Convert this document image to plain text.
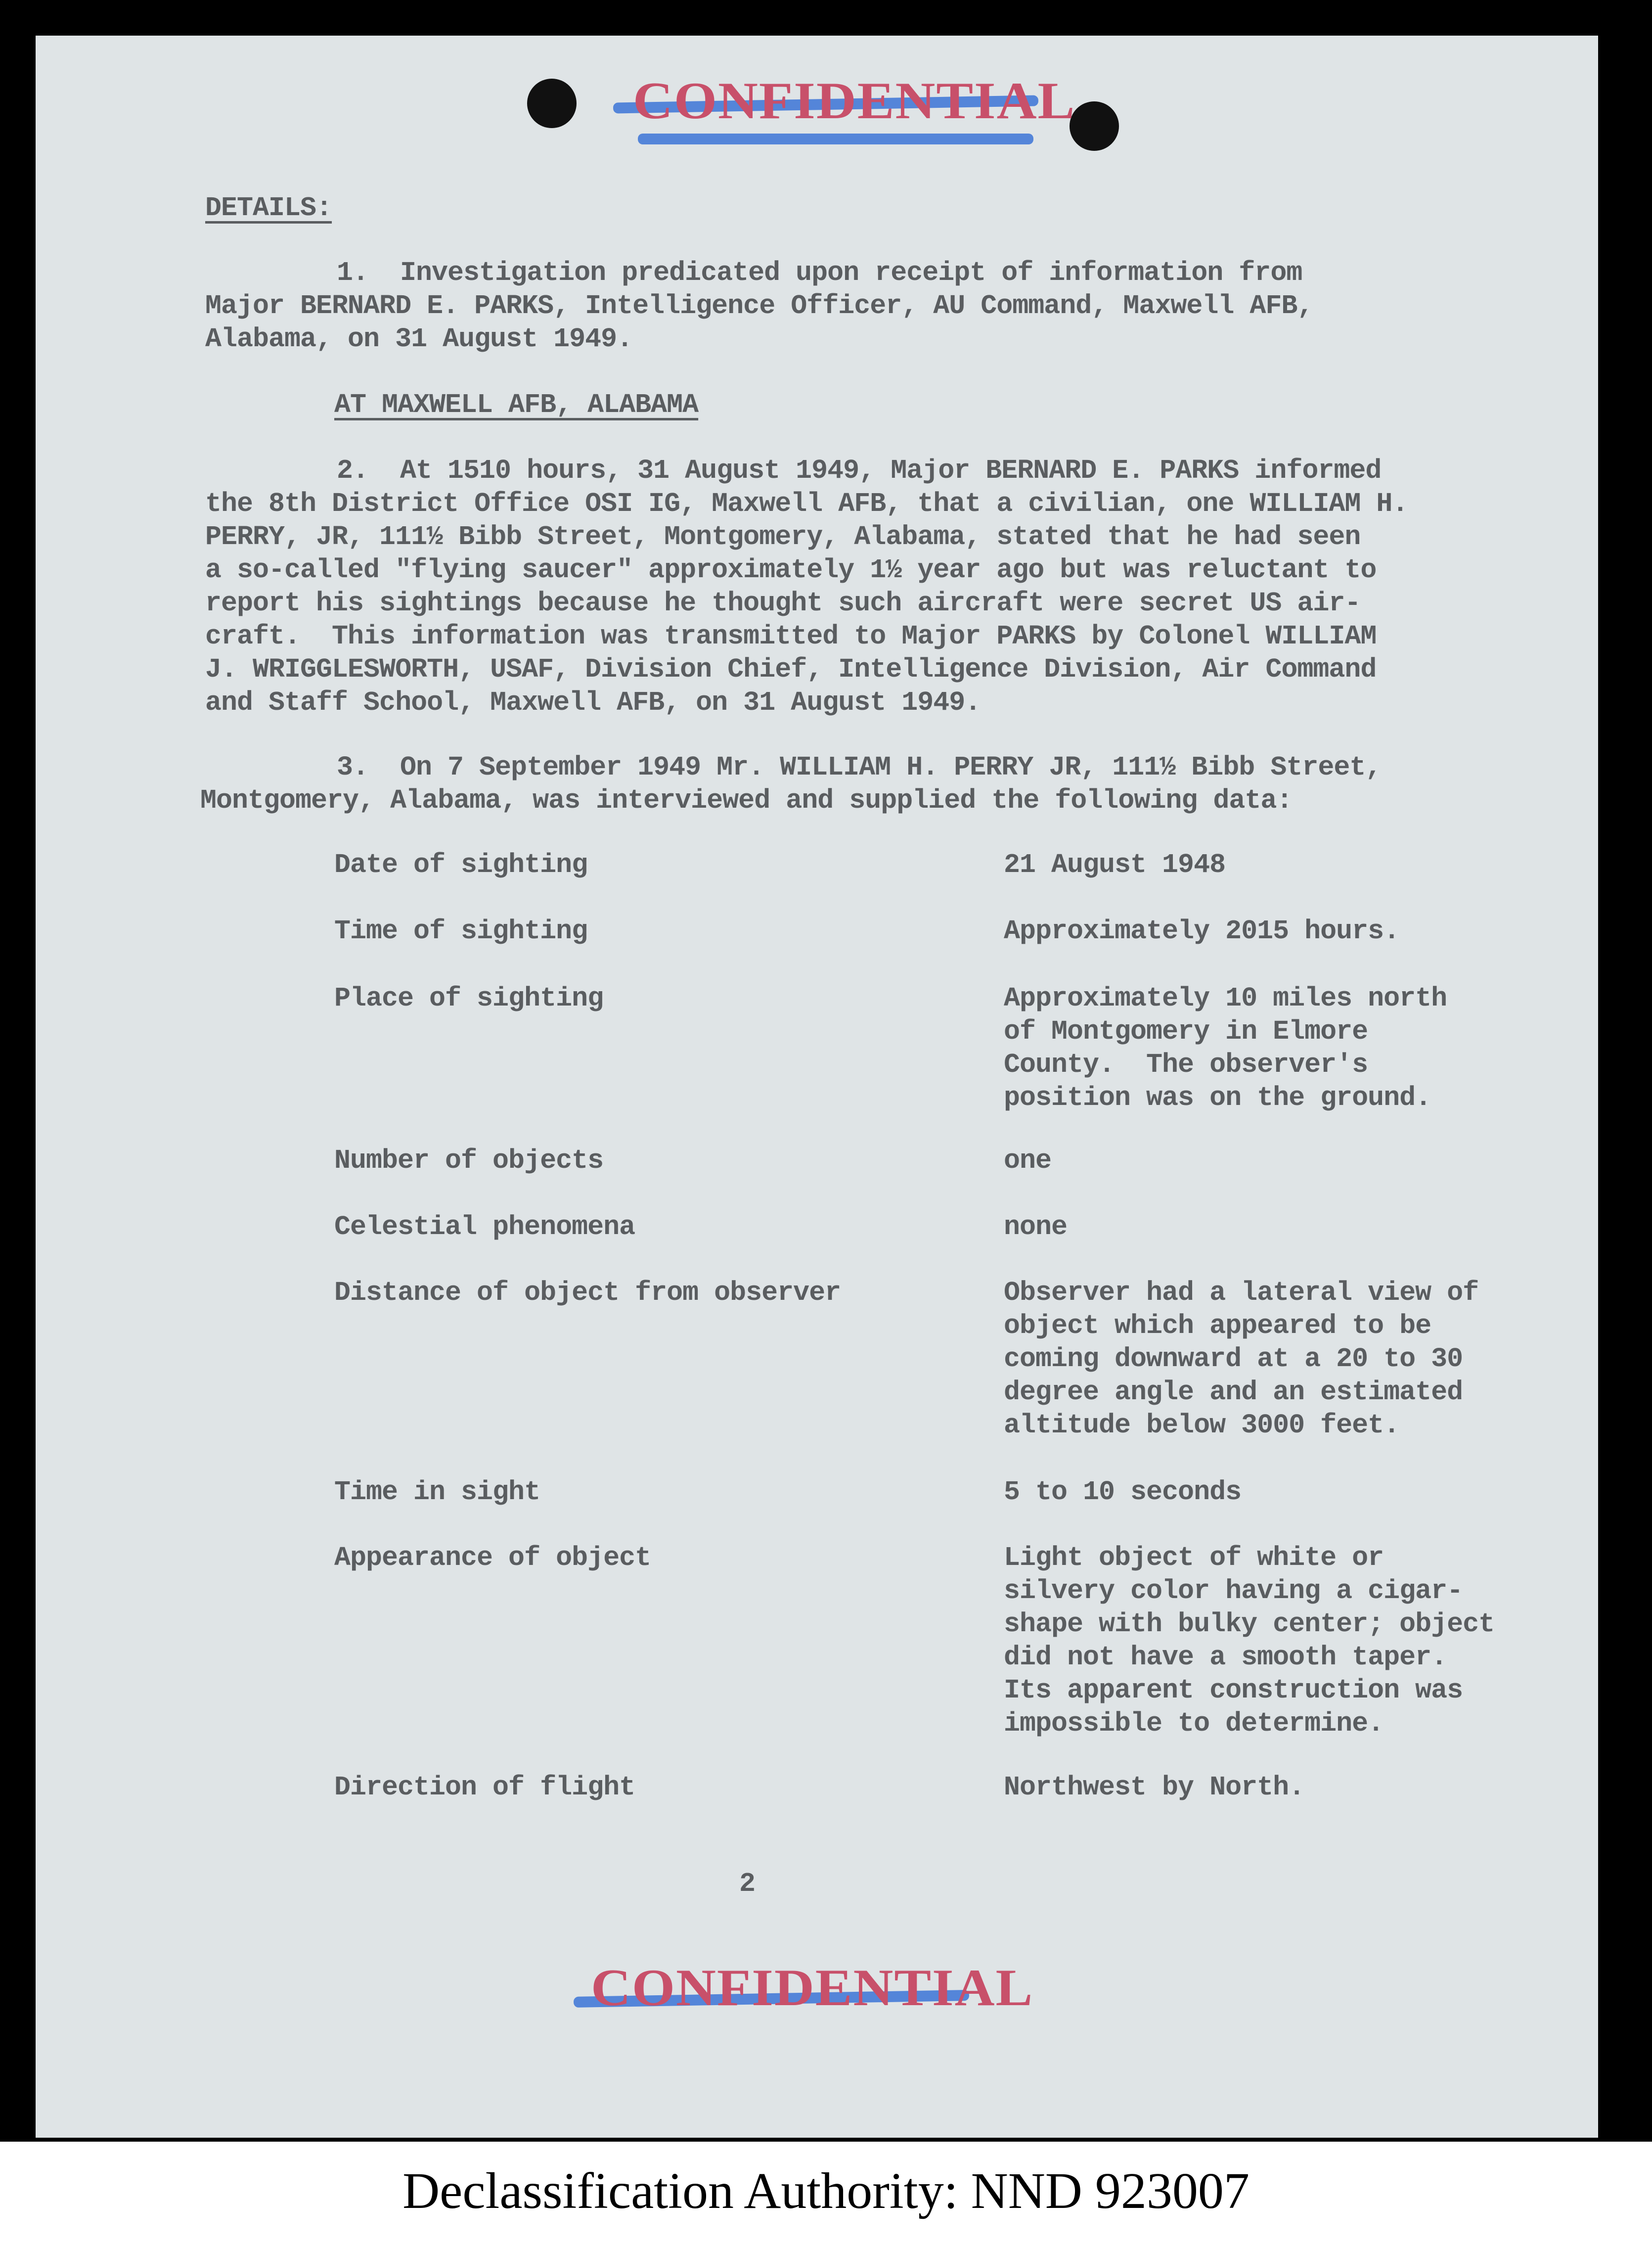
CONFIDENTIAL
DETAILS:
1.  Investigation predicated upon receipt of information from
Major BERNARD E. PARKS, Intelligence Officer, AU Command, Maxwell AFB,
Alabama, on 31 August 1949.
AT MAXWELL AFB, ALABAMA
2.  At 1510 hours, 31 August 1949, Major BERNARD E. PARKS informed
the 8th District Office OSI IG, Maxwell AFB, that a civilian, one WILLIAM H.
PERRY, JR, 111½ Bibb Street, Montgomery, Alabama, stated that he had seen
a so-called "flying saucer" approximately 1½ year ago but was reluctant to
report his sightings because he thought such aircraft were secret US air-
craft.  This information was transmitted to Major PARKS by Colonel WILLIAM
J. WRIGGLESWORTH, USAF, Division Chief, Intelligence Division, Air Command
and Staff School, Maxwell AFB, on 31 August 1949.
3.  On 7 September 1949 Mr. WILLIAM H. PERRY JR, 111½ Bibb Street,
Montgomery, Alabama, was interviewed and supplied the following data:
Date of sighting	21 August 1948
Time of sighting	Approximately 2015 hours.
Place of sighting	Approximately 10 miles north
of Montgomery in Elmore
County.  The observer's
position was on the ground.
Number of objects	one
Celestial phenomena	none
Distance of object from observer	Observer had a lateral view of
object which appeared to be
coming downward at a 20 to 30
degree angle and an estimated
altitude below 3000 feet.
Time in sight	5 to 10 seconds
Appearance of object	Light object of white or
silvery color having a cigar-
shape with bulky center; object
did not have a smooth taper.
Its apparent construction was
impossible to determine.
Direction of flight	Northwest by North.
2
CONFIDENTIAL
Declassification Authority: NND 923007
